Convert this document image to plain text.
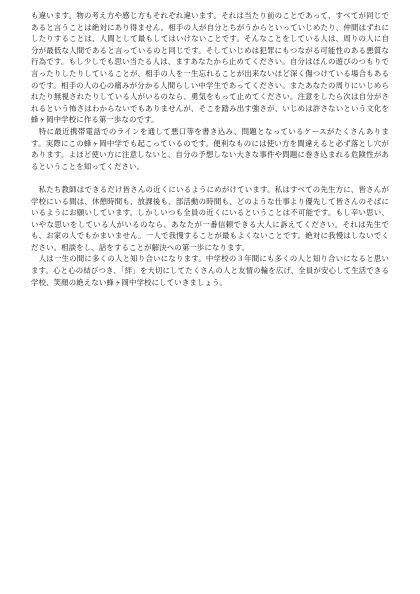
も違います。物の考え方や感じ方もそれぞれ違います。それは当たり前のことであって、すべてが同じであると言うことは絶対にあり得ません。相手の人が自分とちがうからといっていじめたり、仲間はずれにしたりすることは、人間として最もしてはいけないことです。そんなことをしている人は、周りの人に自分が最低な人間であると言っているのと同じです。そしていじめは犯罪にもつながる可能性のある悪質な行為です。もし少しでも思い当たる人は、ますあなたから止めてください。自分はほんの遊びのつもりで言ったりしたりしていることが、相手の人を一生忘れることが出来ないほど深く傷つけている場合もあるのです。相手の人の心の痛みが分かる人間らしい中学生であってください。またあなたの周りにいじめられたり無視されたりしている人がいるのなら、勇気をもって止めてください。注意をしたら次は自分がされるという怖さはわからないでもありませんが、そこを踏み出す強さが、いじめは許さないという文化を蜂ヶ岡中学校に作る第一歩なのです。
　特に最近携帯電話でのラインを通して悪口等を書き込み、問題となっているケースがたくさんあります。実際にこの蜂ヶ岡中学でも起こっているのです。便利なものには使い方を間違えると必ず落とし穴があります。よほど使い方に注意しないと、自分の予想しない大きな事件や問題に巻き込まれる危険性があるということを知ってください。

　私たち教師はできるだけ皆さんの近くにいるようにめがけています。私はすべての先生方に、皆さんが学校にいる間は、休憩時間も、放課後も、部活動の時間も、どのような仕事より優先して皆さんのそばにいるようにお願いしています。しかしいつも全員の近くにいるということは不可能です。もし辛い思い、いやな思いをしている人がいるのなら、あなたが一番信頼できる大人に訴えてください。それは先生でも、お家の人でもかまいません。一人で我慢することが最もよくないことです。絶対に我慢はしないでください。相談をし、話をすることが解決への第一歩になります。
　人は一生の間に多くの人と知り合いになります。中学校の３年間にも多くの人と知り合いになると思います。心と心の結びつき、「絆」を大切にしてたくさんの人と友情の輪を広げ、全員が安心して生活できる学校、笑顔の絶えない蜂ヶ岡中学校にしていきましょう。
